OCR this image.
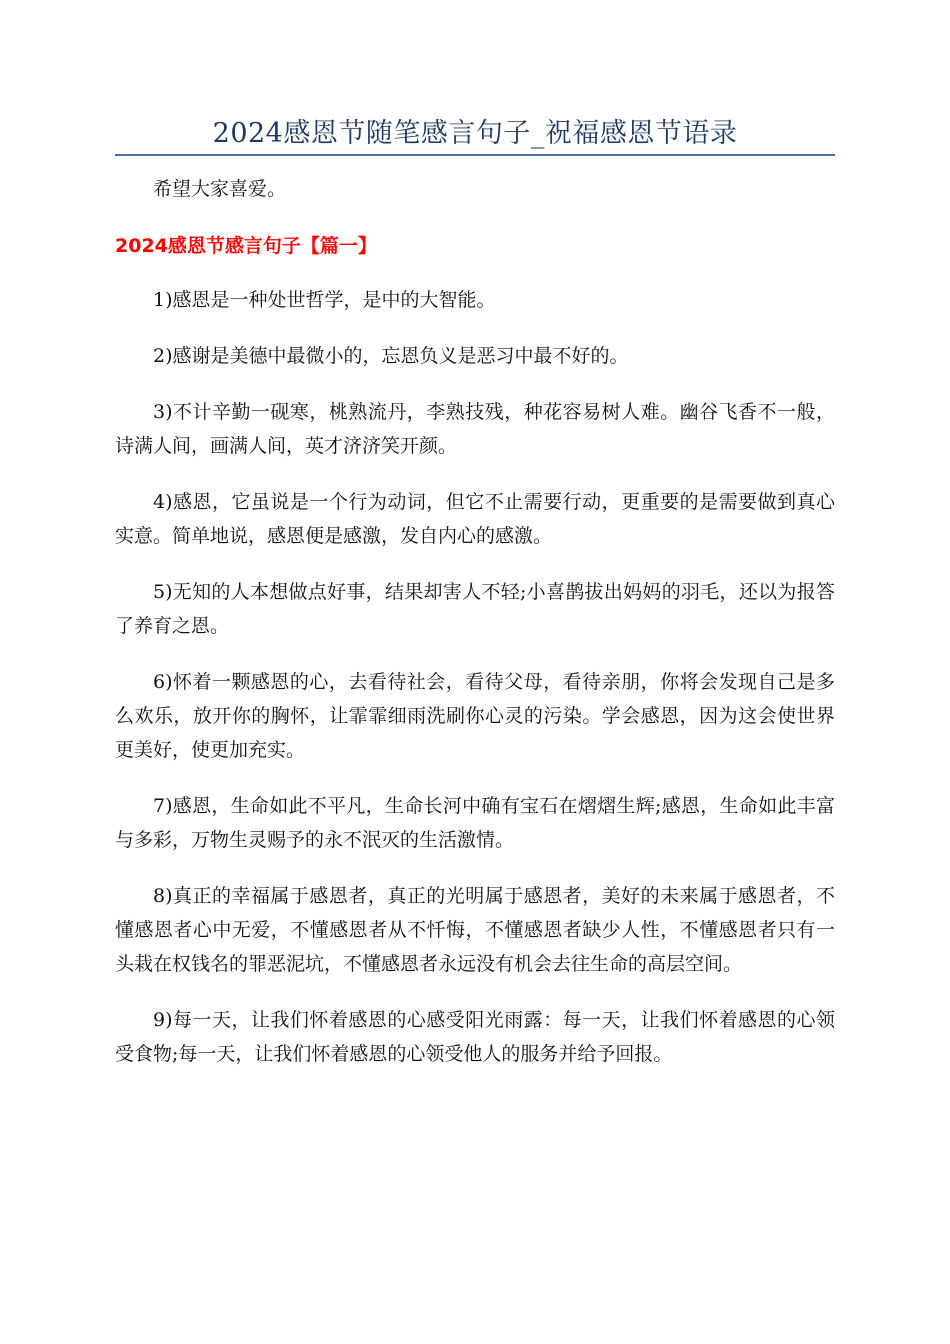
2024感恩节随笔感言句子_祝福感恩节语录

希望大家喜爱。

2024感恩节感言句子【篇一】

1)感恩是一种处世哲学，是中的大智能。

2)感谢是美德中最微小的，忘恩负义是恶习中最不好的。

3)不计辛勤一砚寒，桃熟流丹，李熟技残，种花容易树人难。幽谷飞香不一般，诗满人间，画满人间，英才济济笑开颜。

4)感恩，它虽说是一个行为动词，但它不止需要行动，更重要的是需要做到真心实意。简单地说，感恩便是感激，发自内心的感激。

5)无知的人本想做点好事，结果却害人不轻;小喜鹊拔出妈妈的羽毛，还以为报答了养育之恩。

6)怀着一颗感恩的心，去看待社会，看待父母，看待亲朋，你将会发现自己是多么欢乐，放开你的胸怀，让霏霏细雨洗刷你心灵的污染。学会感恩，因为这会使世界更美好，使更加充实。

7)感恩，生命如此不平凡，生命长河中确有宝石在熠熠生辉;感恩，生命如此丰富与多彩，万物生灵赐予的永不泯灭的生活激情。

8)真正的幸福属于感恩者，真正的光明属于感恩者，美好的未来属于感恩者，不懂感恩者心中无爱，不懂感恩者从不忏悔，不懂感恩者缺少人性，不懂感恩者只有一头栽在权钱名的罪恶泥坑，不懂感恩者永远没有机会去往生命的高层空间。

9)每一天，让我们怀着感恩的心感受阳光雨露：每一天，让我们怀着感恩的心领受食物;每一天，让我们怀着感恩的心领受他人的服务并给予回报。
